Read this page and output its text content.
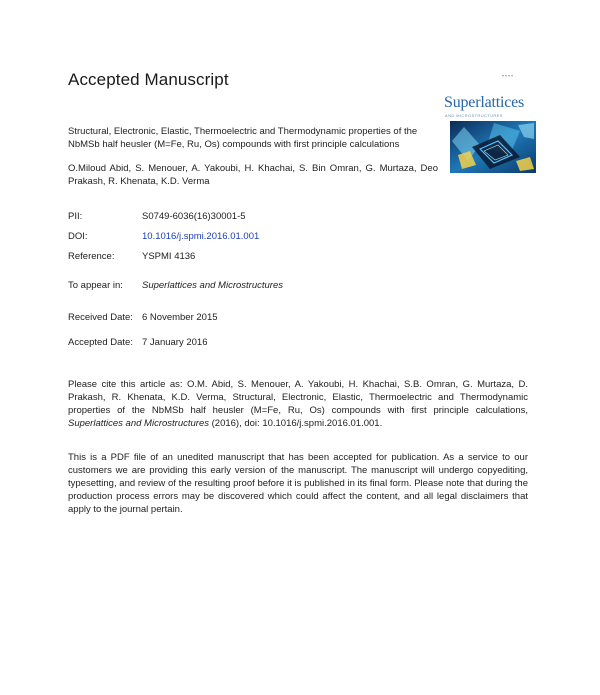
Accepted Manuscript	* * * *
Superlattices
AND MICROSTRUCTURES
Structural, Electronic, Elastic, Thermoelectric and Thermodynamic properties of the NbMSb half heusler (M=Fe, Ru, Os) compounds with first principle calculations
O.Miloud Abid, S. Menouer, A. Yakoubi, H. Khachai, S. Bin Omran, G. Murtaza, Deo Prakash, R. Khenata, K.D. Verma
PII:	S0749-6036(16)30001-5
DOI:	10.1016/j.spmi.2016.01.001
Reference:	YSPMI 4136
To appear in: Superlattices and Microstructures
Received Date: 6 November 2015
Accepted Date: 7 January 2016
Please cite this article as: O.M. Abid, S. Menouer, A. Yakoubi, H. Khachai, S.B. Omran, G. Murtaza, D. Prakash, R. Khenata, K.D. Verma, Structural, Electronic, Elastic, Thermoelectric and Thermodynamic properties of the NbMSb half heusler (M=Fe, Ru, Os) compounds with first principle calculations, Superlattices and Microstructures (2016), doi: 10.1016/j.spmi.2016.01.001.
This is a PDF file of an unedited manuscript that has been accepted for publication. As a service to our customers we are providing this early version of the manuscript. The manuscript will undergo copyediting, typesetting, and review of the resulting proof before it is published in its final form. Please note that during the production process errors may be discovered which could affect the content, and all legal disclaimers that apply to the journal pertain.
